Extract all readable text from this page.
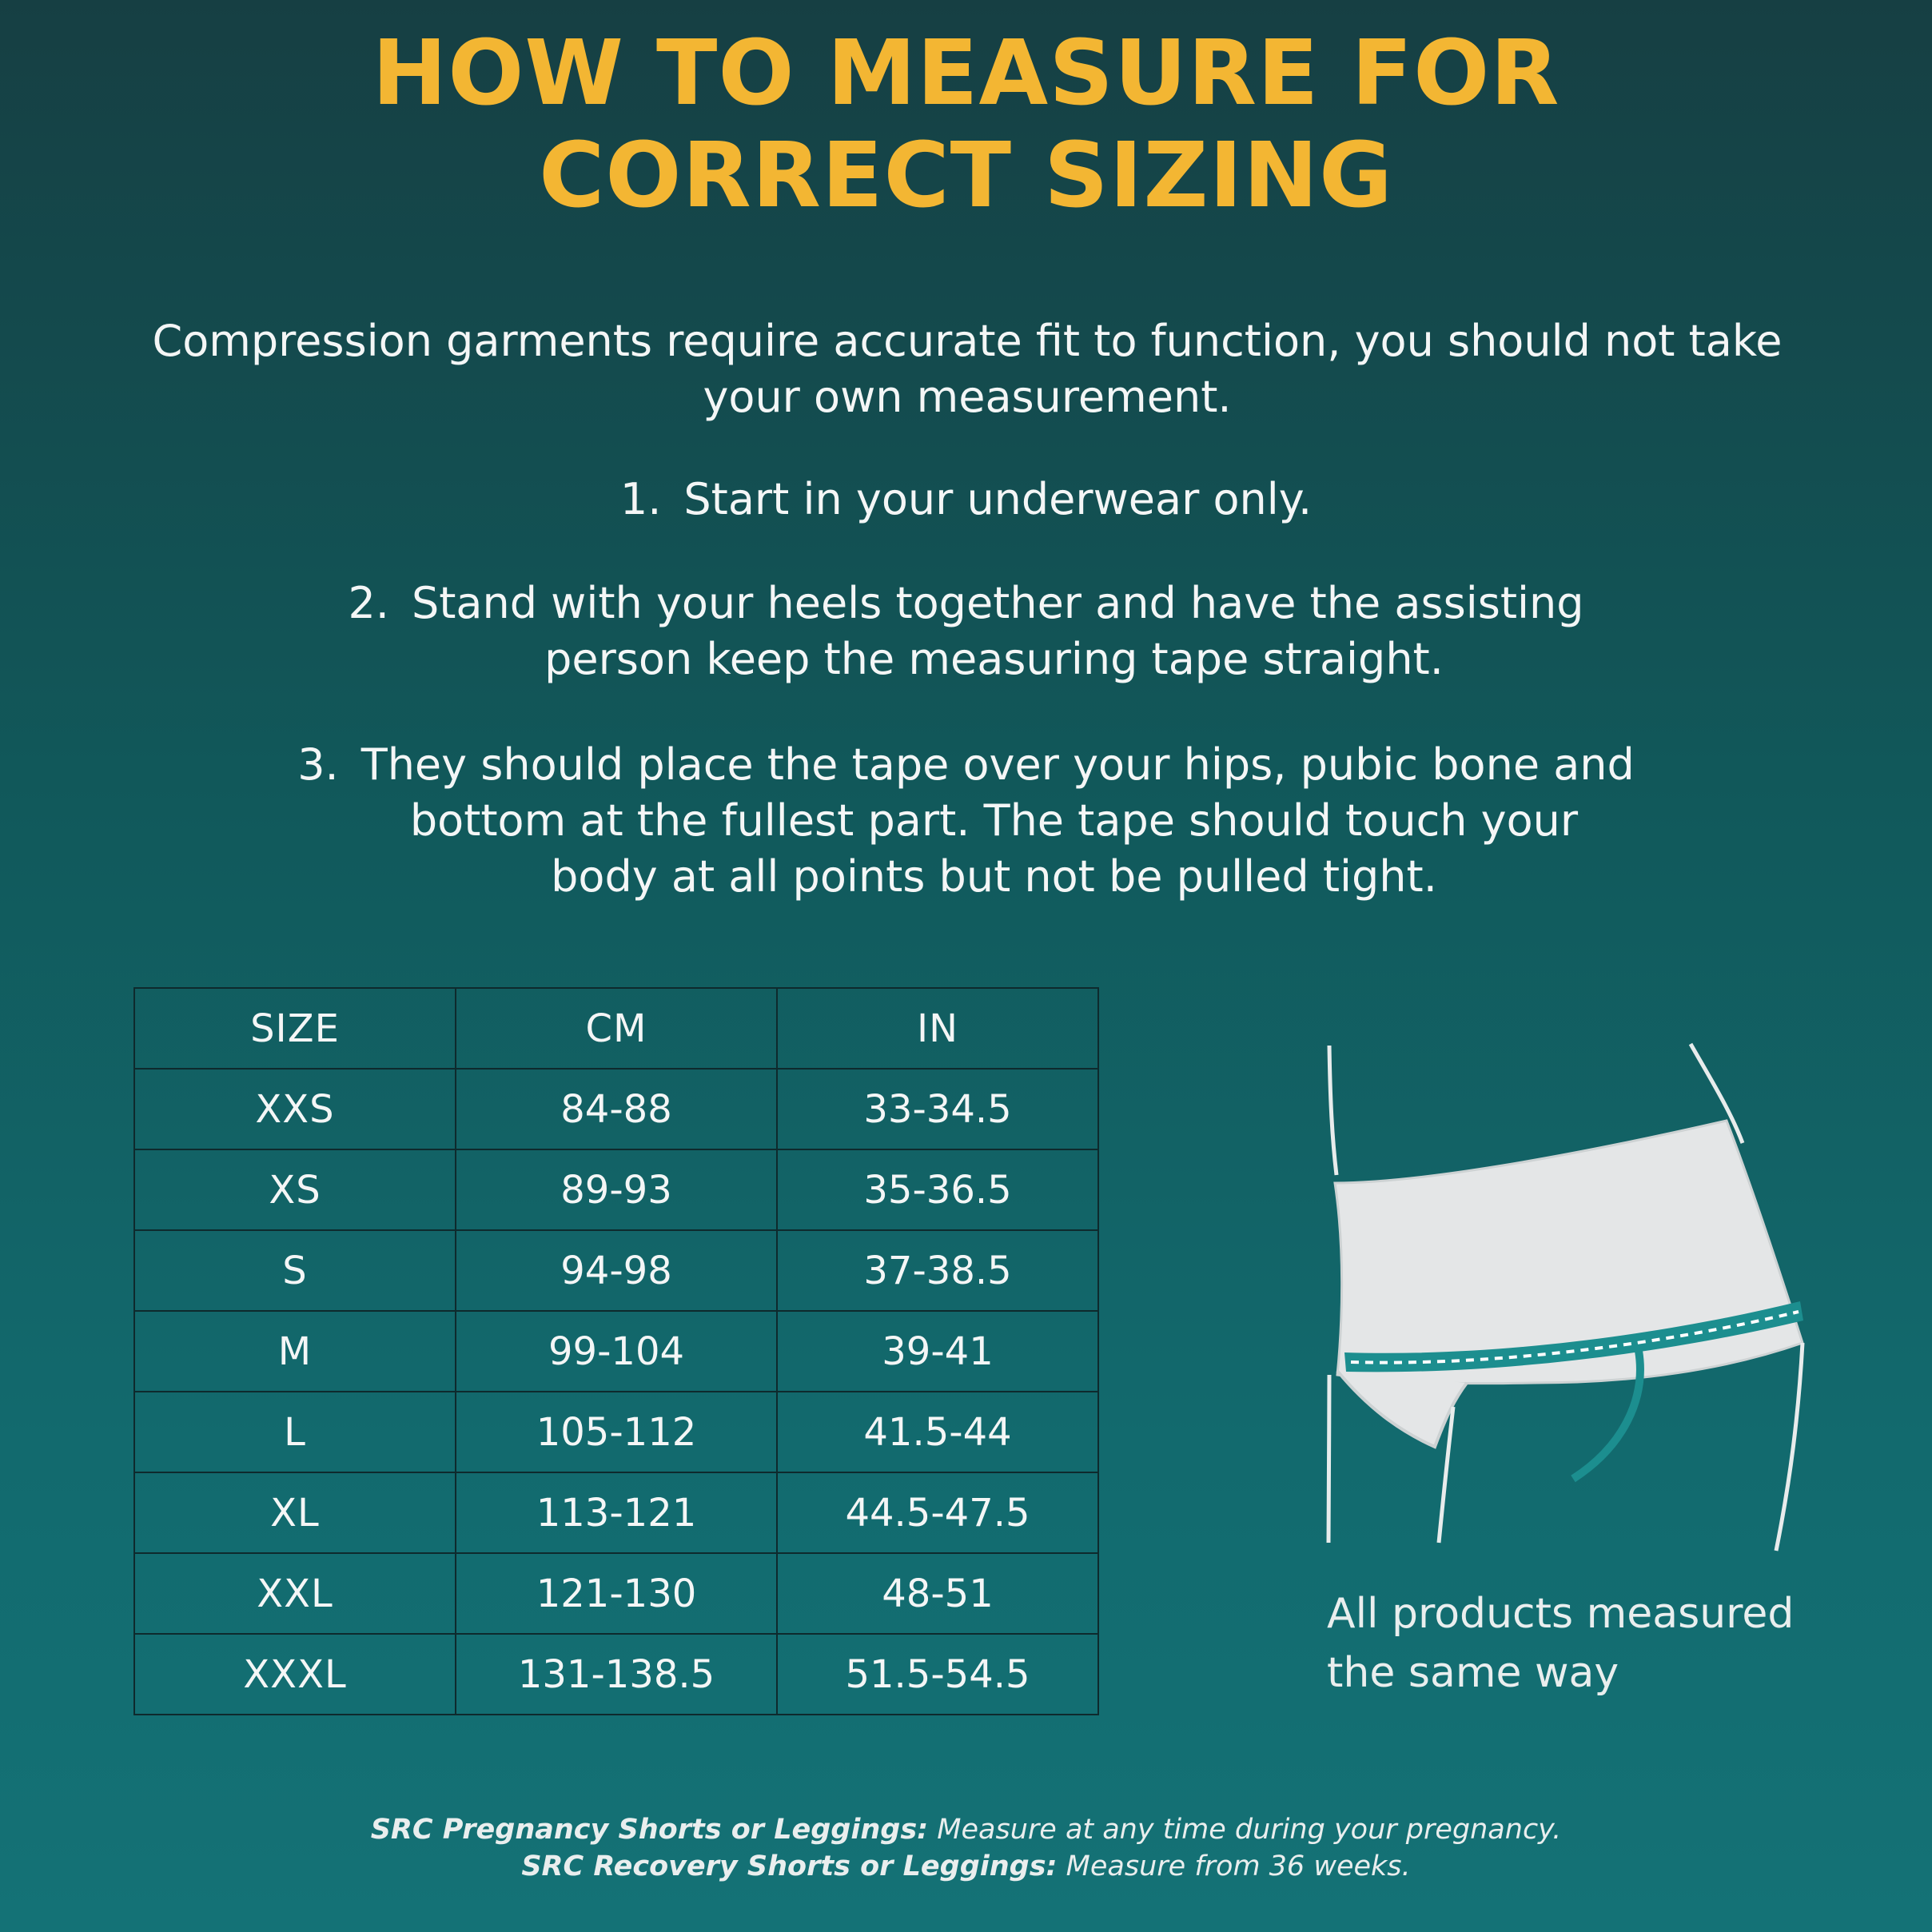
HOW TO MEASURE FOR
CORRECT SIZING

Compression garments require accurate fit to function, you should not take
your own measurement.

1. Start in your underwear only.

2. Stand with your heels together and have the assisting
person keep the measuring tape straight.

3. They should place the tape over your hips, pubic bone and
bottom at the fullest part. The tape should touch your
body at all points but not be pulled tight.

SIZE	CM	IN
XXS	84-88	33-34.5
XS	89-93	35-36.5
S	94-98	37-38.5
M	99-104	39-41
L	105-112	41.5-44
XL	113-121	44.5-47.5
XXL	121-130	48-51
XXXL	131-138.5	51.5-54.5

All products measured
the same way

SRC Pregnancy Shorts or Leggings: Measure at any time during your pregnancy.
SRC Recovery Shorts or Leggings: Measure from 36 weeks.
